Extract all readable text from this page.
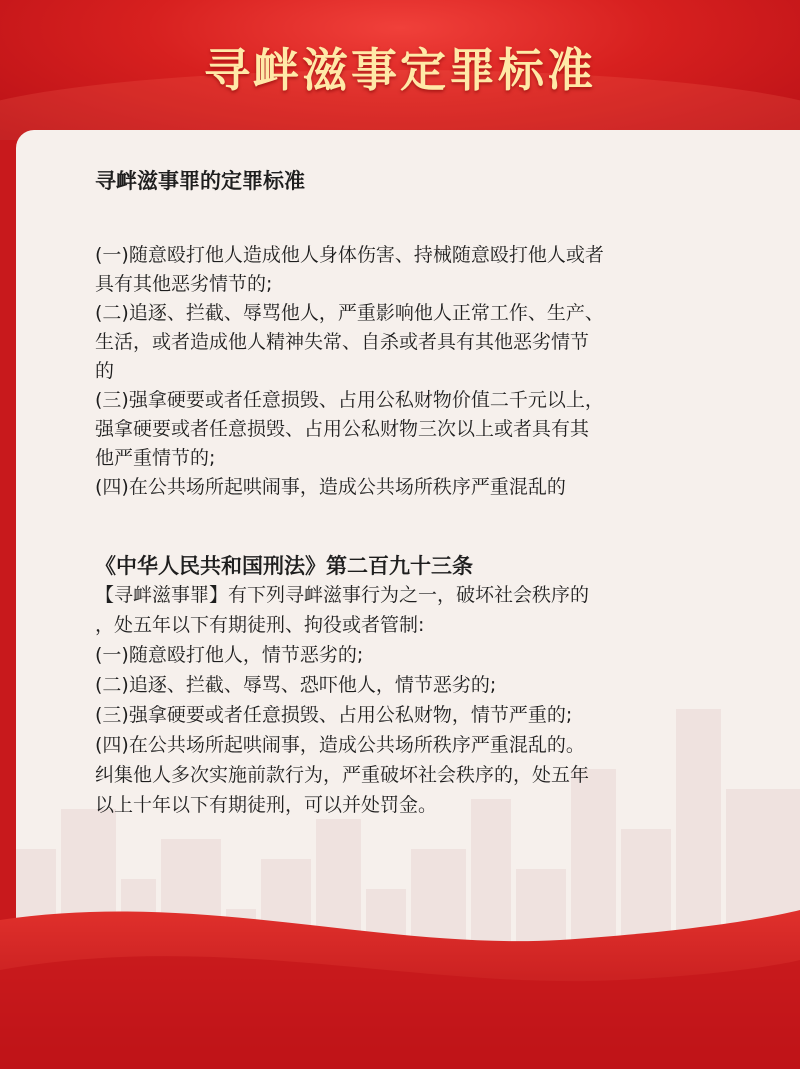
寻衅滋事定罪标准
寻衅滋事罪的定罪标准

(一)随意殴打他人造成他人身体伤害、持械随意殴打他人或者

具有其他恶劣情节的;

(二)追逐、拦截、辱骂他人，严重影响他人正常工作、生产、

生活，或者造成他人精神失常、自杀或者具有其他恶劣情节

的

(三)强拿硬要或者任意损毁、占用公私财物价值二千元以上，

强拿硬要或者任意损毁、占用公私财物三次以上或者具有其

他严重情节的;

(四)在公共场所起哄闹事，造成公共场所秩序严重混乱的

《中华人民共和国刑法》第二百九十三条

【寻衅滋事罪】有下列寻衅滋事行为之一，破坏社会秩序的

，处五年以下有期徒刑、拘役或者管制:

(一)随意殴打他人，情节恶劣的;

(二)追逐、拦截、辱骂、恐吓他人，情节恶劣的;

(三)强拿硬要或者任意损毁、占用公私财物，情节严重的;

(四)在公共场所起哄闹事，造成公共场所秩序严重混乱的。

纠集他人多次实施前款行为，严重破坏社会秩序的，处五年

以上十年以下有期徒刑，可以并处罚金。
